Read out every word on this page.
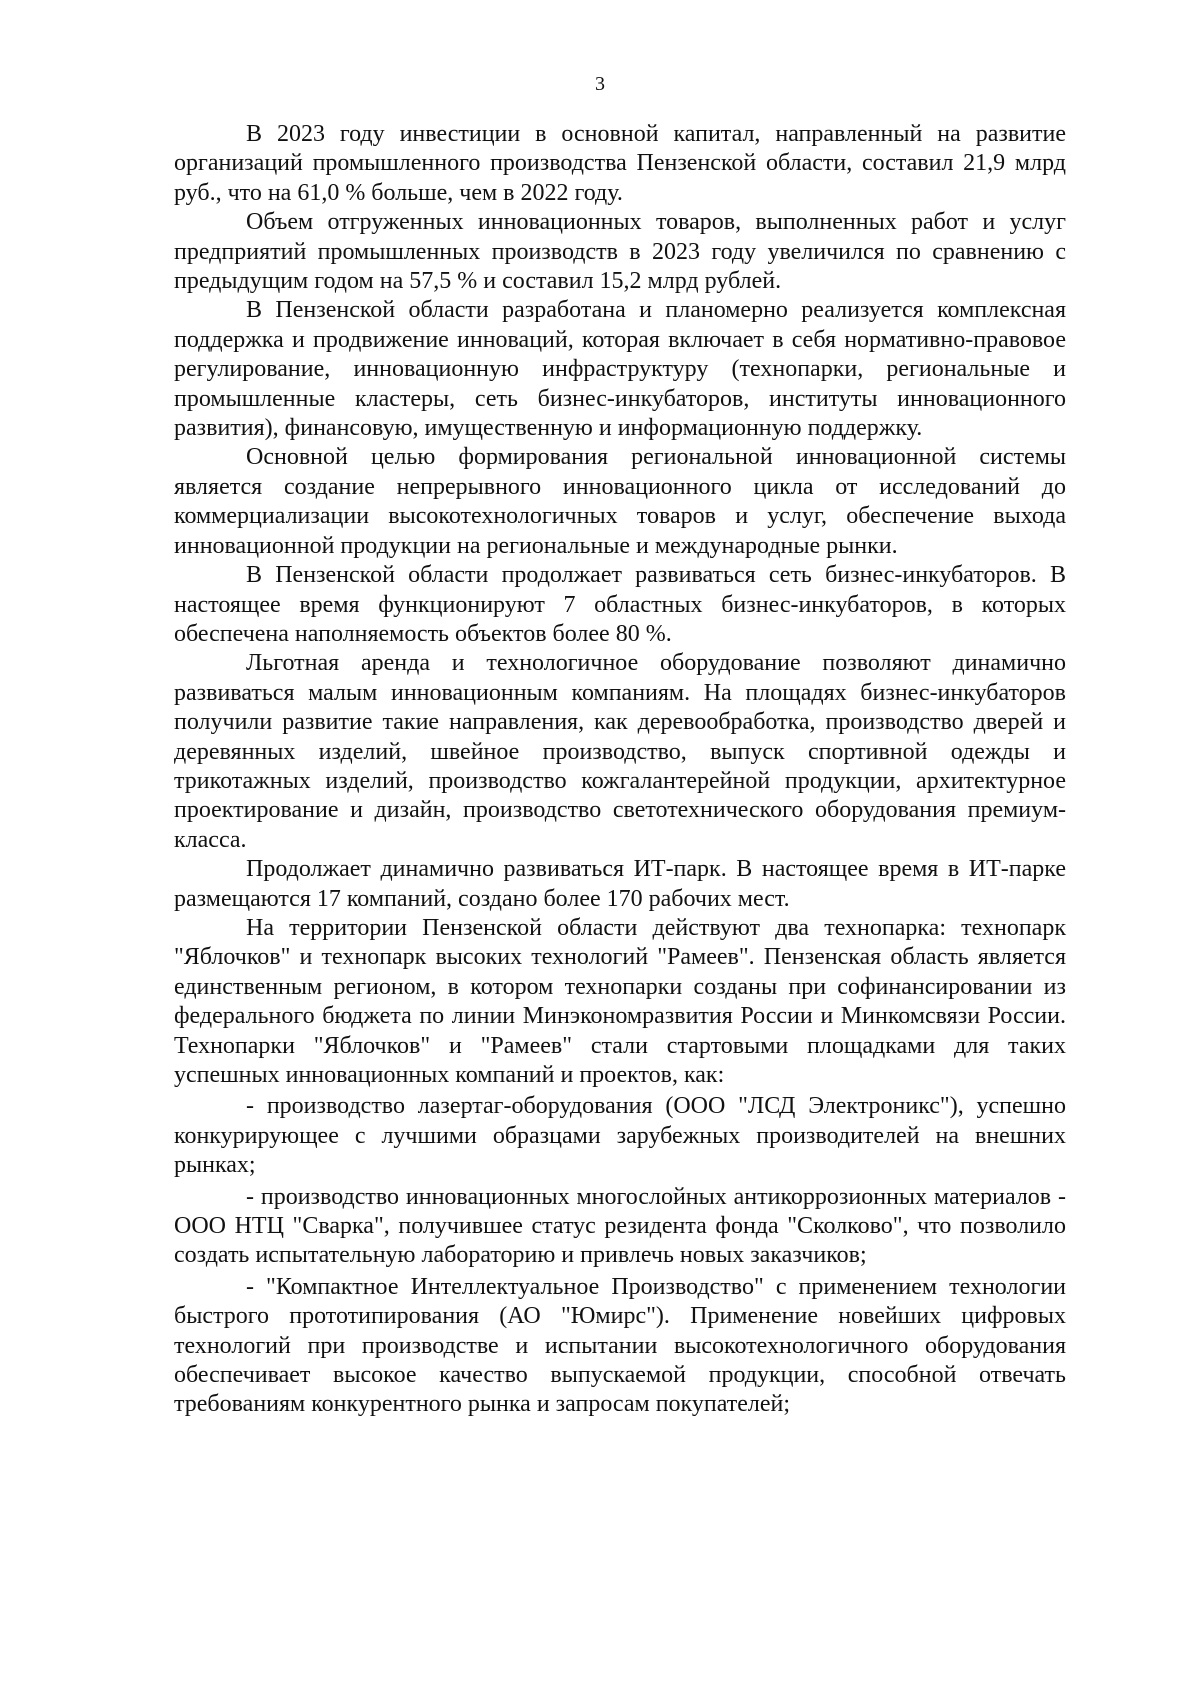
3

В 2023 году инвестиции в основной капитал, направленный на развитие организаций промышленного производства Пензенской области, составил 21,9 млрд руб., что на 61,0 % больше, чем в 2022 году.

Объем отгруженных инновационных товаров, выполненных работ и услуг предприятий промышленных производств в 2023 году увеличился по сравнению с предыдущим годом на 57,5 % и составил 15,2 млрд рублей.

В Пензенской области разработана и планомерно реализуется комплексная поддержка и продвижение инноваций, которая включает в себя нормативно-правовое регулирование, инновационную инфраструктуру (технопарки, региональные и промышленные кластеры, сеть бизнес-инкубаторов, институты инновационного развития), финансовую, имущественную и информационную поддержку.

Основной целью формирования региональной инновационной системы является создание непрерывного инновационного цикла от исследований до коммерциализации высокотехнологичных товаров и услуг, обеспечение выхода инновационной продукции на региональные и международные рынки.

В Пензенской области продолжает развиваться сеть бизнес-инкубаторов. В настоящее время функционируют 7 областных бизнес-инкубаторов, в которых обеспечена наполняемость объектов более 80 %.

Льготная аренда и технологичное оборудование позволяют динамично развиваться малым инновационным компаниям. На площадях бизнес-инкубаторов получили развитие такие направления, как деревообработка, производство дверей и деревянных изделий, швейное производство, выпуск спортивной одежды и трикотажных изделий, производство кожгалантерейной продукции, архитектурное проектирование и дизайн, производство светотехнического оборудования премиум-класса.

Продолжает динамично развиваться ИТ-парк. В настоящее время в ИТ-парке размещаются 17 компаний, создано более 170 рабочих мест.

На территории Пензенской области действуют два технопарка: технопарк "Яблочков" и технопарк высоких технологий "Рамеев". Пензенская область является единственным регионом, в котором технопарки созданы при софинансировании из федерального бюджета по линии Минэкономразвития России и Минкомсвязи России. Технопарки "Яблочков" и "Рамеев" стали стартовыми площадками для таких успешных инновационных компаний и проектов, как:

- производство лазертаг-оборудования (ООО "ЛСД Электроникс"), успешно конкурирующее с лучшими образцами зарубежных производителей на внешних рынках;

- производство инновационных многослойных антикоррозионных материалов - ООО НТЦ "Сварка", получившее статус резидента фонда "Сколково", что позволило создать испытательную лабораторию и привлечь новых заказчиков;

- "Компактное Интеллектуальное Производство" с применением технологии быстрого прототипирования (АО "Юмирс"). Применение новейших цифровых технологий при производстве и испытании высокотехнологичного оборудования обеспечивает высокое качество выпускаемой продукции, способной отвечать требованиям конкурентного рынка и запросам покупателей;
